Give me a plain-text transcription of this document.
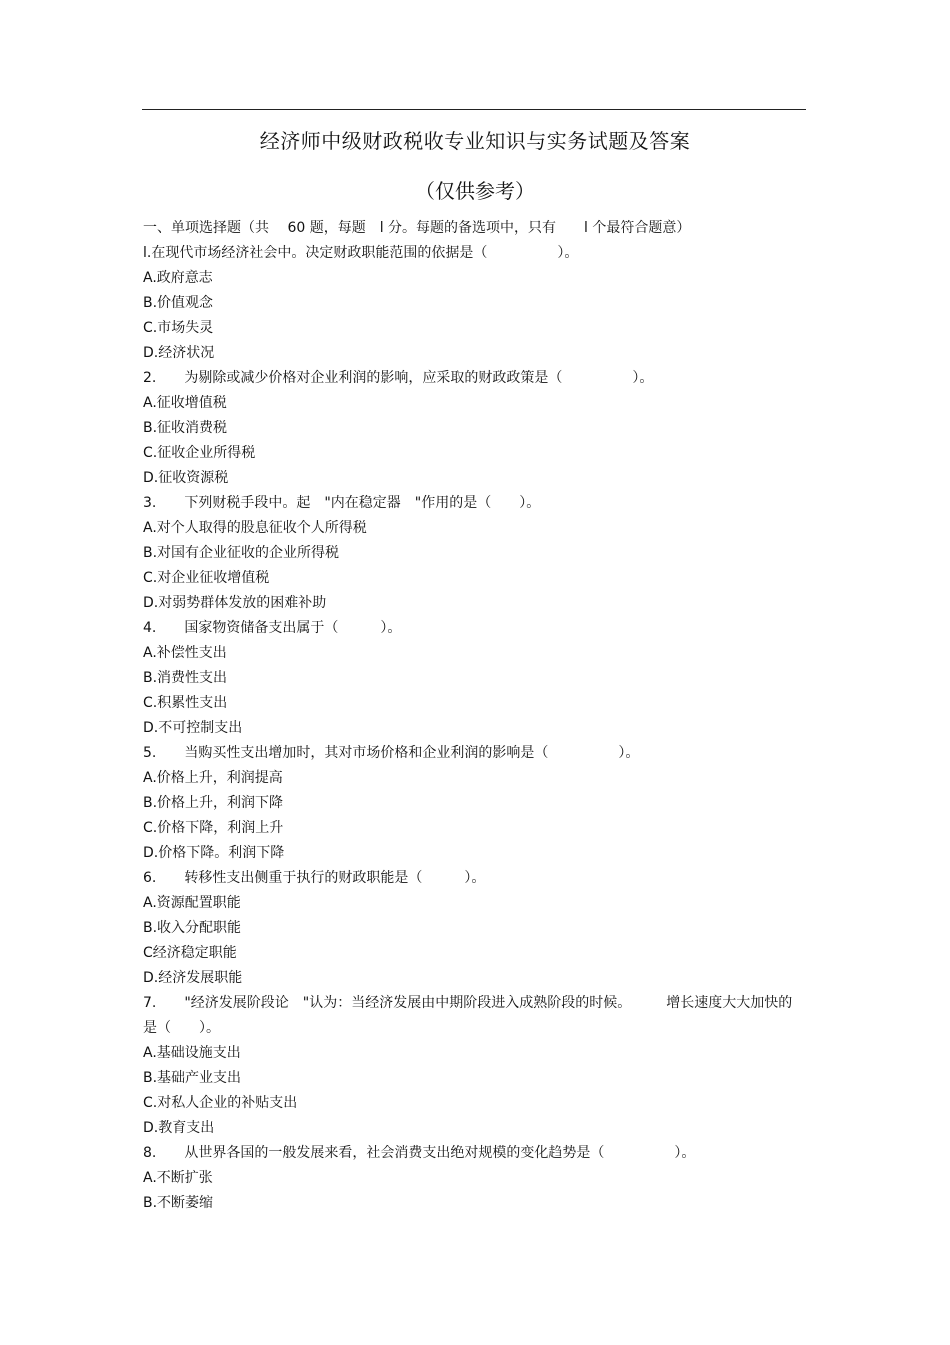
经济师中级财政税收专业知识与实务试题及答案
（仅供参考）
一、单项选择题（共　 60 题，每题　l 分。每题的备选项中，只有　　l 个最符合题意）
l.在现代市场经济社会中。决定财政职能范围的依据是（　　　　　）。
A.政府意志
B.价值观念
C.市场失灵
D.经济状况
2.　　为剔除或减少价格对企业利润的影响，应采取的财政政策是（　　　　　）。
A.征收增值税
B.征收消费税
C.征收企业所得税
D.征收资源税
3.　　下列财税手段中。起　"内在稳定器　"作用的是（　　）。
A.对个人取得的股息征收个人所得税
B.对国有企业征收的企业所得税
C.对企业征收增值税
D.对弱势群体发放的困难补助
4.　　国家物资储备支出属于（　　　）。
A.补偿性支出
B.消费性支出
C.积累性支出
D.不可控制支出
5.　　当购买性支出增加时，其对市场价格和企业利润的影响是（　　　　　）。
A.价格上升，利润提高
B.价格上升，利润下降
C.价格下降，利润上升
D.价格下降。利润下降
6.　　转移性支出侧重于执行的财政职能是（　　　）。
A.资源配置职能
B.收入分配职能
C经济稳定职能
D.经济发展职能
7.　　"经济发展阶段论　"认为：当经济发展由中期阶段进入成熟阶段的时候。　　　增长速度大大加快的是（　　）。
A.基础设施支出
B.基础产业支出
C.对私人企业的补贴支出
D.教育支出
8.　　从世界各国的一般发展来看，社会消费支出绝对规模的变化趋势是（　　　　　）。
A.不断扩张
B.不断萎缩
